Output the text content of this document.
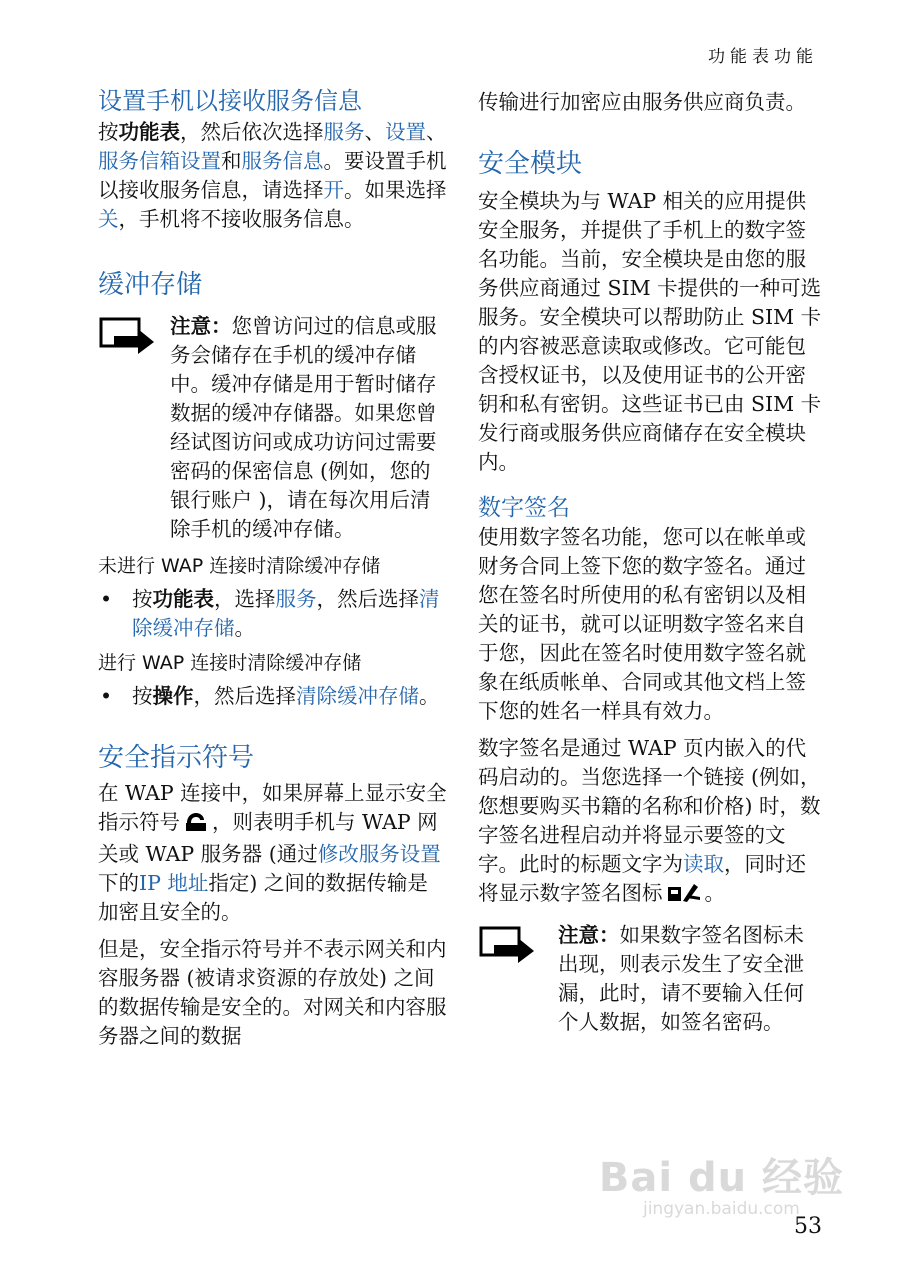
功能表功能
设置手机以接收服务信息

按功能表，然后依次选择服务、设置、服务信箱设置和服务信息。要设置手机以接收服务信息，请选择开。如果选择关，手机将不接收服务信息。

缓冲存储
注意：您曾访问过的信息或服务会储存在手机的缓冲存储中。缓冲存储是用于暂时储存数据的缓冲存储器。如果您曾经试图访问或成功访问过需要密码的保密信息 (例如，您的银行账户 )，请在每次用后清除手机的缓冲存储。
未进行 WAP 连接时清除缓冲存储
• 按功能表，选择服务，然后选择清除缓冲存储。
进行 WAP 连接时清除缓冲存储
• 按操作，然后选择清除缓冲存储。
安全指示符号

在 WAP 连接中，如果屏幕上显示安全指示符号 ，则表明手机与 WAP 网关或 WAP 服务器 (通过修改服务设置下的IP 地址指定) 之间的数据传输是加密且安全的。

但是，安全指示符号并不表示网关和内容服务器 (被请求资源的存放处) 之间的数据传输是安全的。对网关和内容服务器之间的数据

传输进行加密应由服务供应商负责。

安全模块

安全模块为与 WAP 相关的应用提供安全服务，并提供了手机上的数字签名功能。当前，安全模块是由您的服务供应商通过 SIM 卡提供的一种可选服务。安全模块可以帮助防止 SIM 卡的内容被恶意读取或修改。它可能包含授权证书，以及使用证书的公开密钥和私有密钥。这些证书已由 SIM 卡发行商或服务供应商储存在安全模块内。

数字签名

使用数字签名功能，您可以在帐单或财务合同上签下您的数字签名。通过您在签名时所使用的私有密钥以及相关的证书，就可以证明数字签名来自于您，因此在签名时使用数字签名就象在纸质帐单、合同或其他文档上签下您的姓名一样具有效力。

数字签名是通过 WAP 页内嵌入的代码启动的。当您选择一个链接 (例如，您想要购买书籍的名称和价格) 时，数字签名进程启动并将显示要签的文字。此时的标题文字为读取，同时还将显示数字签名图标 。

注意：如果数字签名图标未出现，则表示发生了安全泄漏，此时，请不要输入任何个人数据，如签名密码。
Bai du 经验
jingyan.baidu.com
53
